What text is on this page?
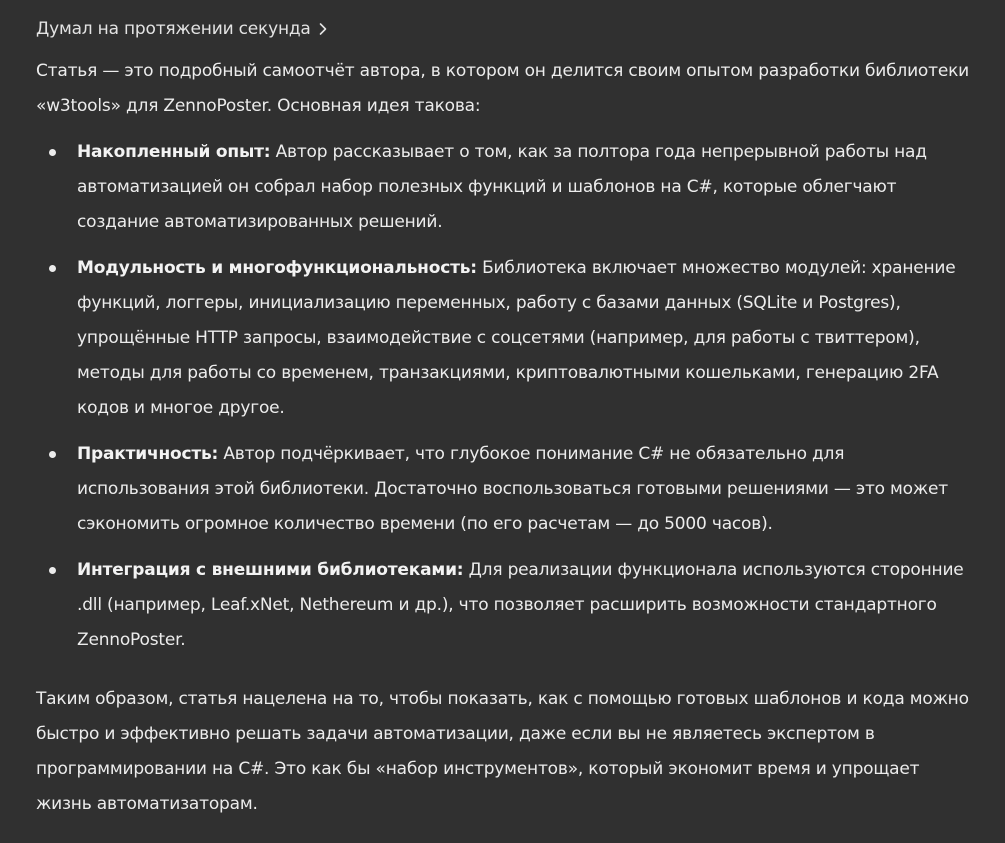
Думал на протяжении секунда

Статья — это подробный самоотчёт автора, в котором он делится своим опытом разработки библиотеки «w3tools» для ZennoPoster. Основная идея такова:

Накопленный опыт: Автор рассказывает о том, как за полтора года непрерывной работы над автоматизацией он собрал набор полезных функций и шаблонов на C#, которые облегчают создание автоматизированных решений.
Модульность и многофункциональность: Библиотека включает множество модулей: хранение функций, логгеры, инициализацию переменных, работу с базами данных (SQLite и Postgres), упрощённые HTTP запросы, взаимодействие с соцсетями (например, для работы с твиттером), методы для работы со временем, транзакциями, криптовалютными кошельками, генерацию 2FA кодов и многое другое.
Практичность: Автор подчёркивает, что глубокое понимание C# не обязательно для использования этой библиотеки. Достаточно воспользоваться готовыми решениями — это может сэкономить огромное количество времени (по его расчетам — до 5000 часов).
Интеграция с внешними библиотеками: Для реализации функционала используются сторонние .dll (например, Leaf.xNet, Nethereum и др.), что позволяет расширить возможности стандартного ZennoPoster.

Таким образом, статья нацелена на то, чтобы показать, как с помощью готовых шаблонов и кода можно быстро и эффективно решать задачи автоматизации, даже если вы не являетесь экспертом в программировании на C#. Это как бы «набор инструментов», который экономит время и упрощает жизнь автоматизаторам.
